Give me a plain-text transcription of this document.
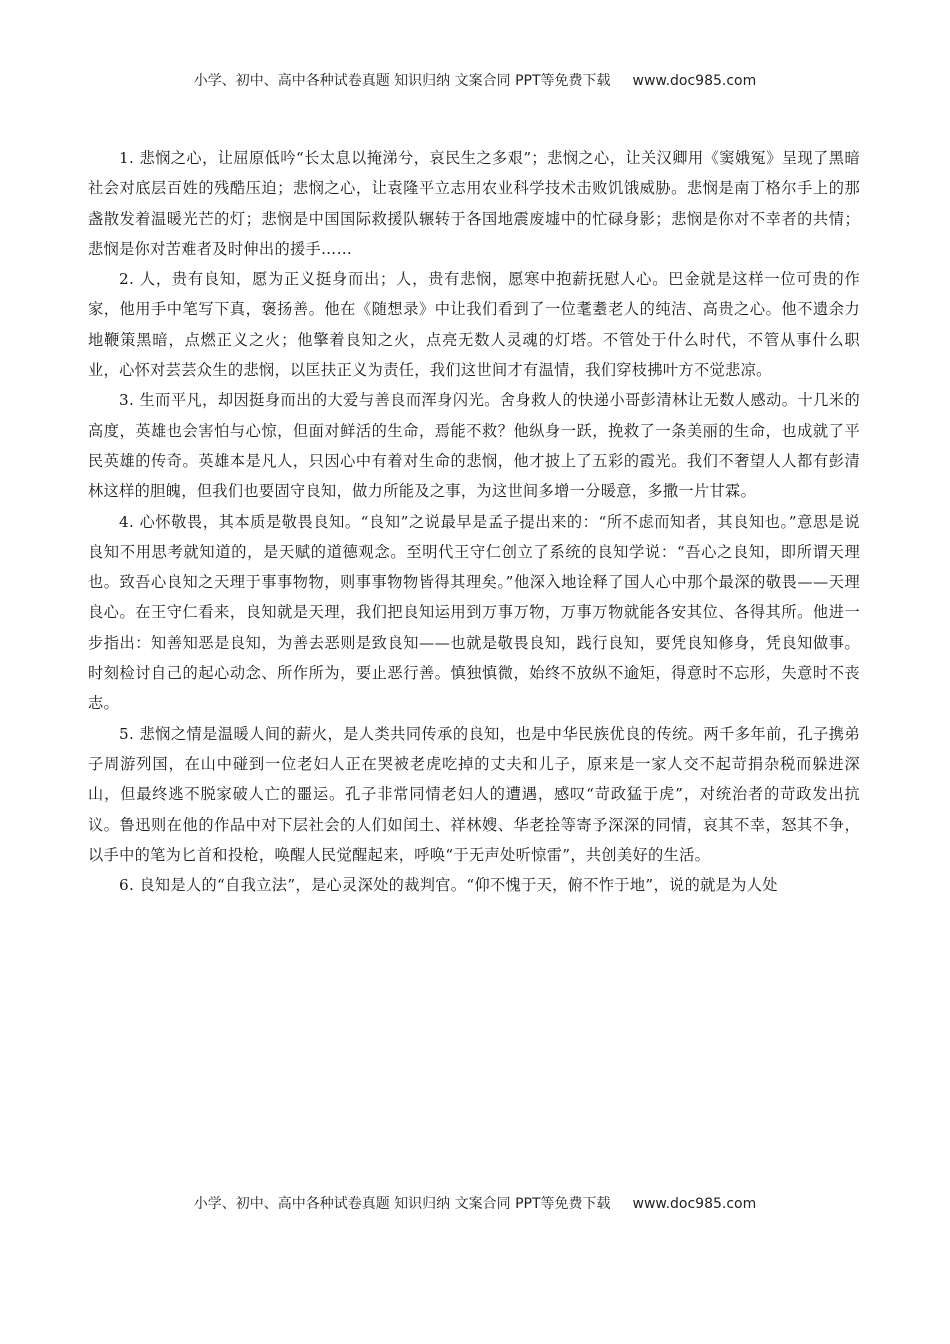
小学、初中、高中各种试卷真题 知识归纳 文案合同 PPT等免费下载 www.doc985.com

1. 悲悯之心，让屈原低吟“长太息以掩涕兮，哀民生之多艰”；悲悯之心，让关汉卿用《窦娥冤》呈现了黑暗社会对底层百姓的残酷压迫；悲悯之心，让袁隆平立志用农业科学技术击败饥饿威胁。悲悯是南丁格尔手上的那盏散发着温暖光芒的灯；悲悯是中国国际救援队辗转于各国地震废墟中的忙碌身影；悲悯是你对不幸者的共情；悲悯是你对苦难者及时伸出的援手……

2. 人，贵有良知，愿为正义挺身而出；人，贵有悲悯，愿寒中抱薪抚慰人心。巴金就是这样一位可贵的作家，他用手中笔写下真，褒扬善。他在《随想录》中让我们看到了一位耄耋老人的纯洁、高贵之心。他不遗余力地鞭策黑暗，点燃正义之火；他擎着良知之火，点亮无数人灵魂的灯塔。不管处于什么时代，不管从事什么职业，心怀对芸芸众生的悲悯，以匡扶正义为责任，我们这世间才有温情，我们穿枝拂叶方不觉悲凉。

3. 生而平凡，却因挺身而出的大爱与善良而浑身闪光。舍身救人的快递小哥彭清林让无数人感动。十几米的高度，英雄也会害怕与心惊，但面对鲜活的生命，焉能不救？他纵身一跃，挽救了一条美丽的生命，也成就了平民英雄的传奇。英雄本是凡人，只因心中有着对生命的悲悯，他才披上了五彩的霞光。我们不奢望人人都有彭清林这样的胆魄，但我们也要固守良知，做力所能及之事，为这世间多增一分暖意，多撒一片甘霖。

4. 心怀敬畏，其本质是敬畏良知。“良知”之说最早是孟子提出来的：“所不虑而知者，其良知也。”意思是说良知不用思考就知道的，是天赋的道德观念。至明代王守仁创立了系统的良知学说：“吾心之良知，即所谓天理也。致吾心良知之天理于事事物物，则事事物物皆得其理矣。”他深入地诠释了国人心中那个最深的敬畏——天理良心。在王守仁看来，良知就是天理，我们把良知运用到万事万物，万事万物就能各安其位、各得其所。他进一步指出：知善知恶是良知，为善去恶则是致良知——也就是敬畏良知，践行良知，要凭良知修身，凭良知做事。时刻检讨自己的起心动念、所作所为，要止恶行善。慎独慎微，始终不放纵不逾矩，得意时不忘形，失意时不丧志。

5. 悲悯之情是温暖人间的薪火，是人类共同传承的良知，也是中华民族优良的传统。两千多年前，孔子携弟子周游列国，在山中碰到一位老妇人正在哭被老虎吃掉的丈夫和儿子，原来是一家人交不起苛捐杂税而躲进深山，但最终逃不脱家破人亡的噩运。孔子非常同情老妇人的遭遇，感叹“苛政猛于虎”，对统治者的苛政发出抗议。鲁迅则在他的作品中对下层社会的人们如闰土、祥林嫂、华老拴等寄予深深的同情，哀其不幸，怒其不争，以手中的笔为匕首和投枪，唤醒人民觉醒起来，呼唤“于无声处听惊雷”，共创美好的生活。

6. 良知是人的“自我立法”，是心灵深处的裁判官。“仰不愧于天，俯不怍于地”，说的就是为人处

小学、初中、高中各种试卷真题 知识归纳 文案合同 PPT等免费下载 www.doc985.com
